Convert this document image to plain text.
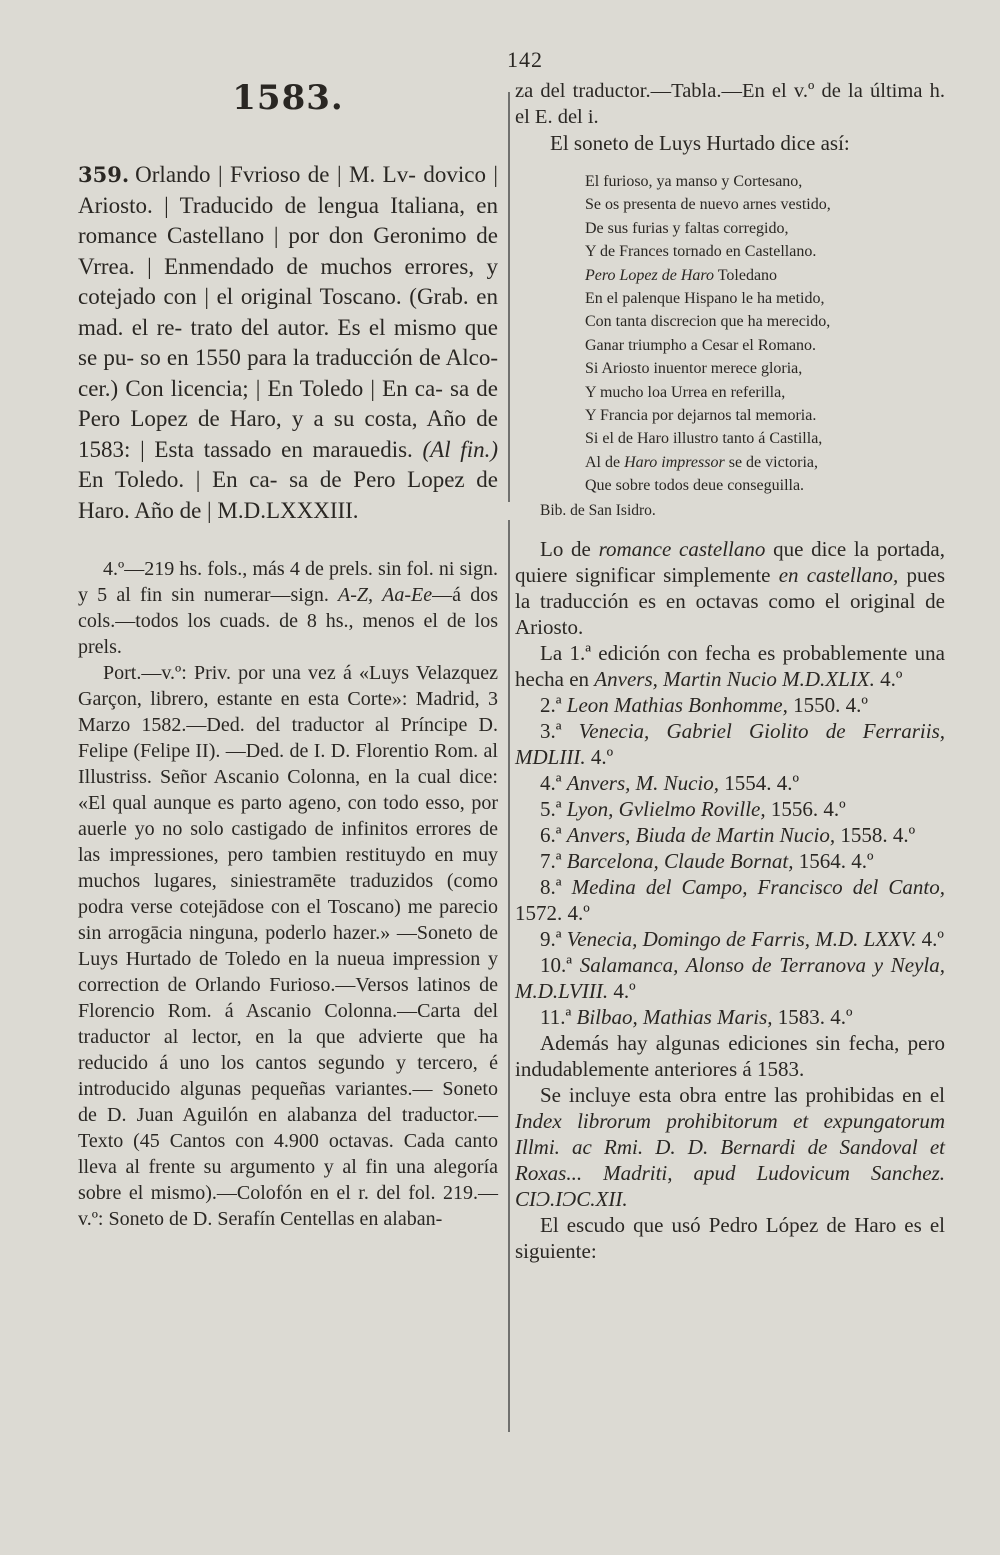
142
1583.

359. Orlando | Fvrioso de | M. Lv- dovico | Ariosto. | Traducido de lengua Italiana, en romance Castellano | por don Geronimo de Vrrea. | Enmendado de muchos errores, y cotejado con | el original Toscano. (Grab. en mad. el re- trato del autor. Es el mismo que se pu- so en 1550 para la traducción de Alco- cer.) Con licencia; | En Toledo | En ca- sa de Pero Lopez de Haro, y a su costa, Año de 1583: | Esta tassado en marauedis. (Al fin.) En Toledo. | En ca- sa de Pero Lopez de Haro. Año de | M.D.LXXXIII.

4.º—219 hs. fols., más 4 de prels. sin fol. ni sign. y 5 al fin sin numerar—sign. A-Z, Aa-Ee—á dos cols.—todos los cuads. de 8 hs., menos el de los prels.

Port.—v.º: Priv. por una vez á «Luys Velazquez Garçon, librero, estante en esta Corte»: Madrid, 3 Marzo 1582.—Ded. del traductor al Príncipe D. Felipe (Felipe II). —Ded. de I. D. Florentio Rom. al Illustriss. Señor Ascanio Colonna, en la cual dice: «El qual aunque es parto ageno, con todo esso, por auerle yo no solo castigado de infinitos errores de las impressiones, pero tambien restituydo en muy muchos lugares, siniestramēte traduzidos (como podra verse cotejādose con el Toscano) me parecio sin arrogācia ninguna, poderlo hazer.» —Soneto de Luys Hurtado de Toledo en la nueua impression y correction de Orlando Furioso.—Versos latinos de Florencio Rom. á Ascanio Colonna.—Carta del traductor al lector, en la que advierte que ha reducido á uno los cantos segundo y tercero, é introducido algunas pequeñas variantes.— Soneto de D. Juan Aguilón en alabanza del traductor.—Texto (45 Cantos con 4.900 octavas. Cada canto lleva al frente su argumento y al fin una alegoría sobre el mismo).—Colofón en el r. del fol. 219.—v.º: Soneto de D. Serafín Centellas en alaban-

za del traductor.—Tabla.—En el v.º de la última h. el E. del i.

El soneto de Luys Hurtado dice así:

El furioso, ya manso y Cortesano,
Se os presenta de nuevo arnes vestido,
De sus furias y faltas corregido,
Y de Frances tornado en Castellano.
Pero Lopez de Haro Toledano
En el palenque Hispano le ha metido,
Con tanta discrecion que ha merecido,
Ganar triumpho a Cesar el Romano.
Si Ariosto inuentor merece gloria,
Y mucho loa Urrea en referilla,
Y Francia por dejarnos tal memoria.
Si el de Haro illustro tanto á Castilla,
Al de Haro impressor se de victoria,
Que sobre todos deue conseguilla.
Bib. de San Isidro.

Lo de romance castellano que dice la portada, quiere significar simplemente en castellano, pues la traducción es en octavas como el original de Ariosto.

La 1.ª edición con fecha es probablemente una hecha en Anvers, Martin Nucio M.D.XLIX. 4.º

2.ª Leon Mathias Bonhomme, 1550. 4.º

3.ª Venecia, Gabriel Giolito de Ferrariis, MDLIII. 4.º

4.ª Anvers, M. Nucio, 1554. 4.º

5.ª Lyon, Gvlielmo Roville, 1556. 4.º

6.ª Anvers, Biuda de Martin Nucio, 1558. 4.º

7.ª Barcelona, Claude Bornat, 1564. 4.º

8.ª Medina del Campo, Francisco del Canto, 1572. 4.º

9.ª Venecia, Domingo de Farris, M.D. LXXV. 4.º

10.ª Salamanca, Alonso de Terranova y Neyla, M.D.LVIII. 4.º

11.ª Bilbao, Mathias Maris, 1583. 4.º

Además hay algunas ediciones sin fecha, pero indudablemente anteriores á 1583.

Se incluye esta obra entre las prohibidas en el Index librorum prohibitorum et expungatorum Illmi. ac Rmi. D. D. Bernardi de Sandoval et Roxas... Madriti, apud Ludovicum Sanchez. CIƆ.IƆC.XII.

El escudo que usó Pedro López de Haro es el siguiente:
